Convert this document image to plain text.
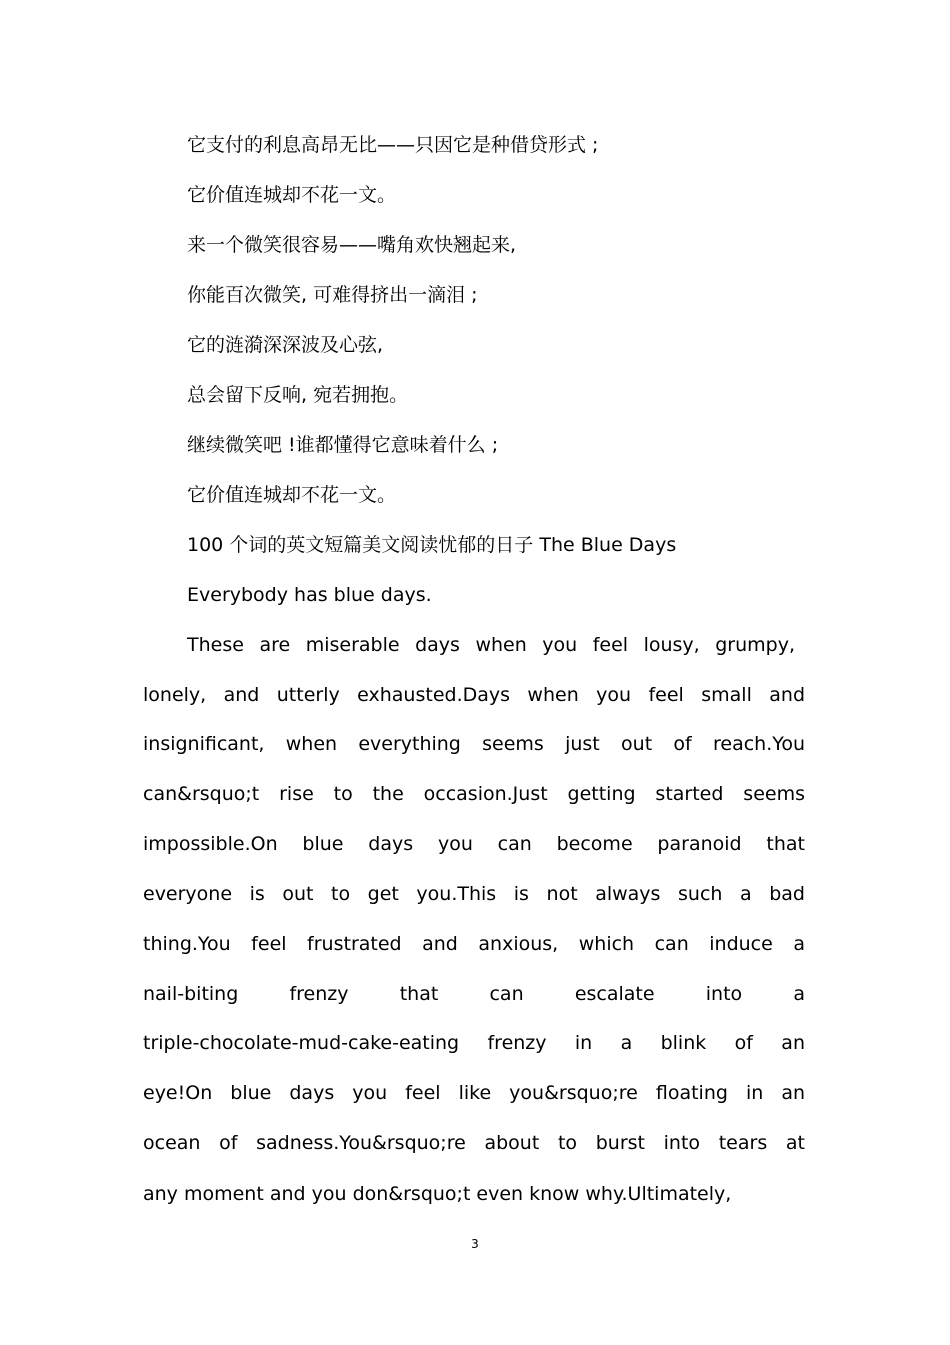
它支付的利息高昂无比——只因它是种借贷形式 ;
它价值连城却不花一文。
来一个微笑很容易——嘴角欢快翘起来,
你能百次微笑, 可难得挤出一滴泪 ;
它的涟漪深深波及心弦,
总会留下反响, 宛若拥抱。
继续微笑吧 !谁都懂得它意味着什么 ;
它价值连城却不花一文。
100 个词的英文短篇美文阅读忧郁的日子 The Blue Days
Everybody has blue days.
These are miserable days when you feel lousy, grumpy,
lonely, and utterly exhausted.Days when you feel small and
insignificant, when everything seems just out of reach.You
can&rsquo;t rise to the occasion.Just getting started seems
impossible.On blue days you can become paranoid that
everyone is out to get you.This is not always such a bad
thing.You feel frustrated and anxious, which can induce a
nail-biting frenzy that can escalate into a
triple-chocolate-mud-cake-eating frenzy in a blink of an
eye!On blue days you feel like you&rsquo;re floating in an
ocean of sadness.You&rsquo;re about to burst into tears at
any moment and you don&rsquo;t even know why.Ultimately,
3
